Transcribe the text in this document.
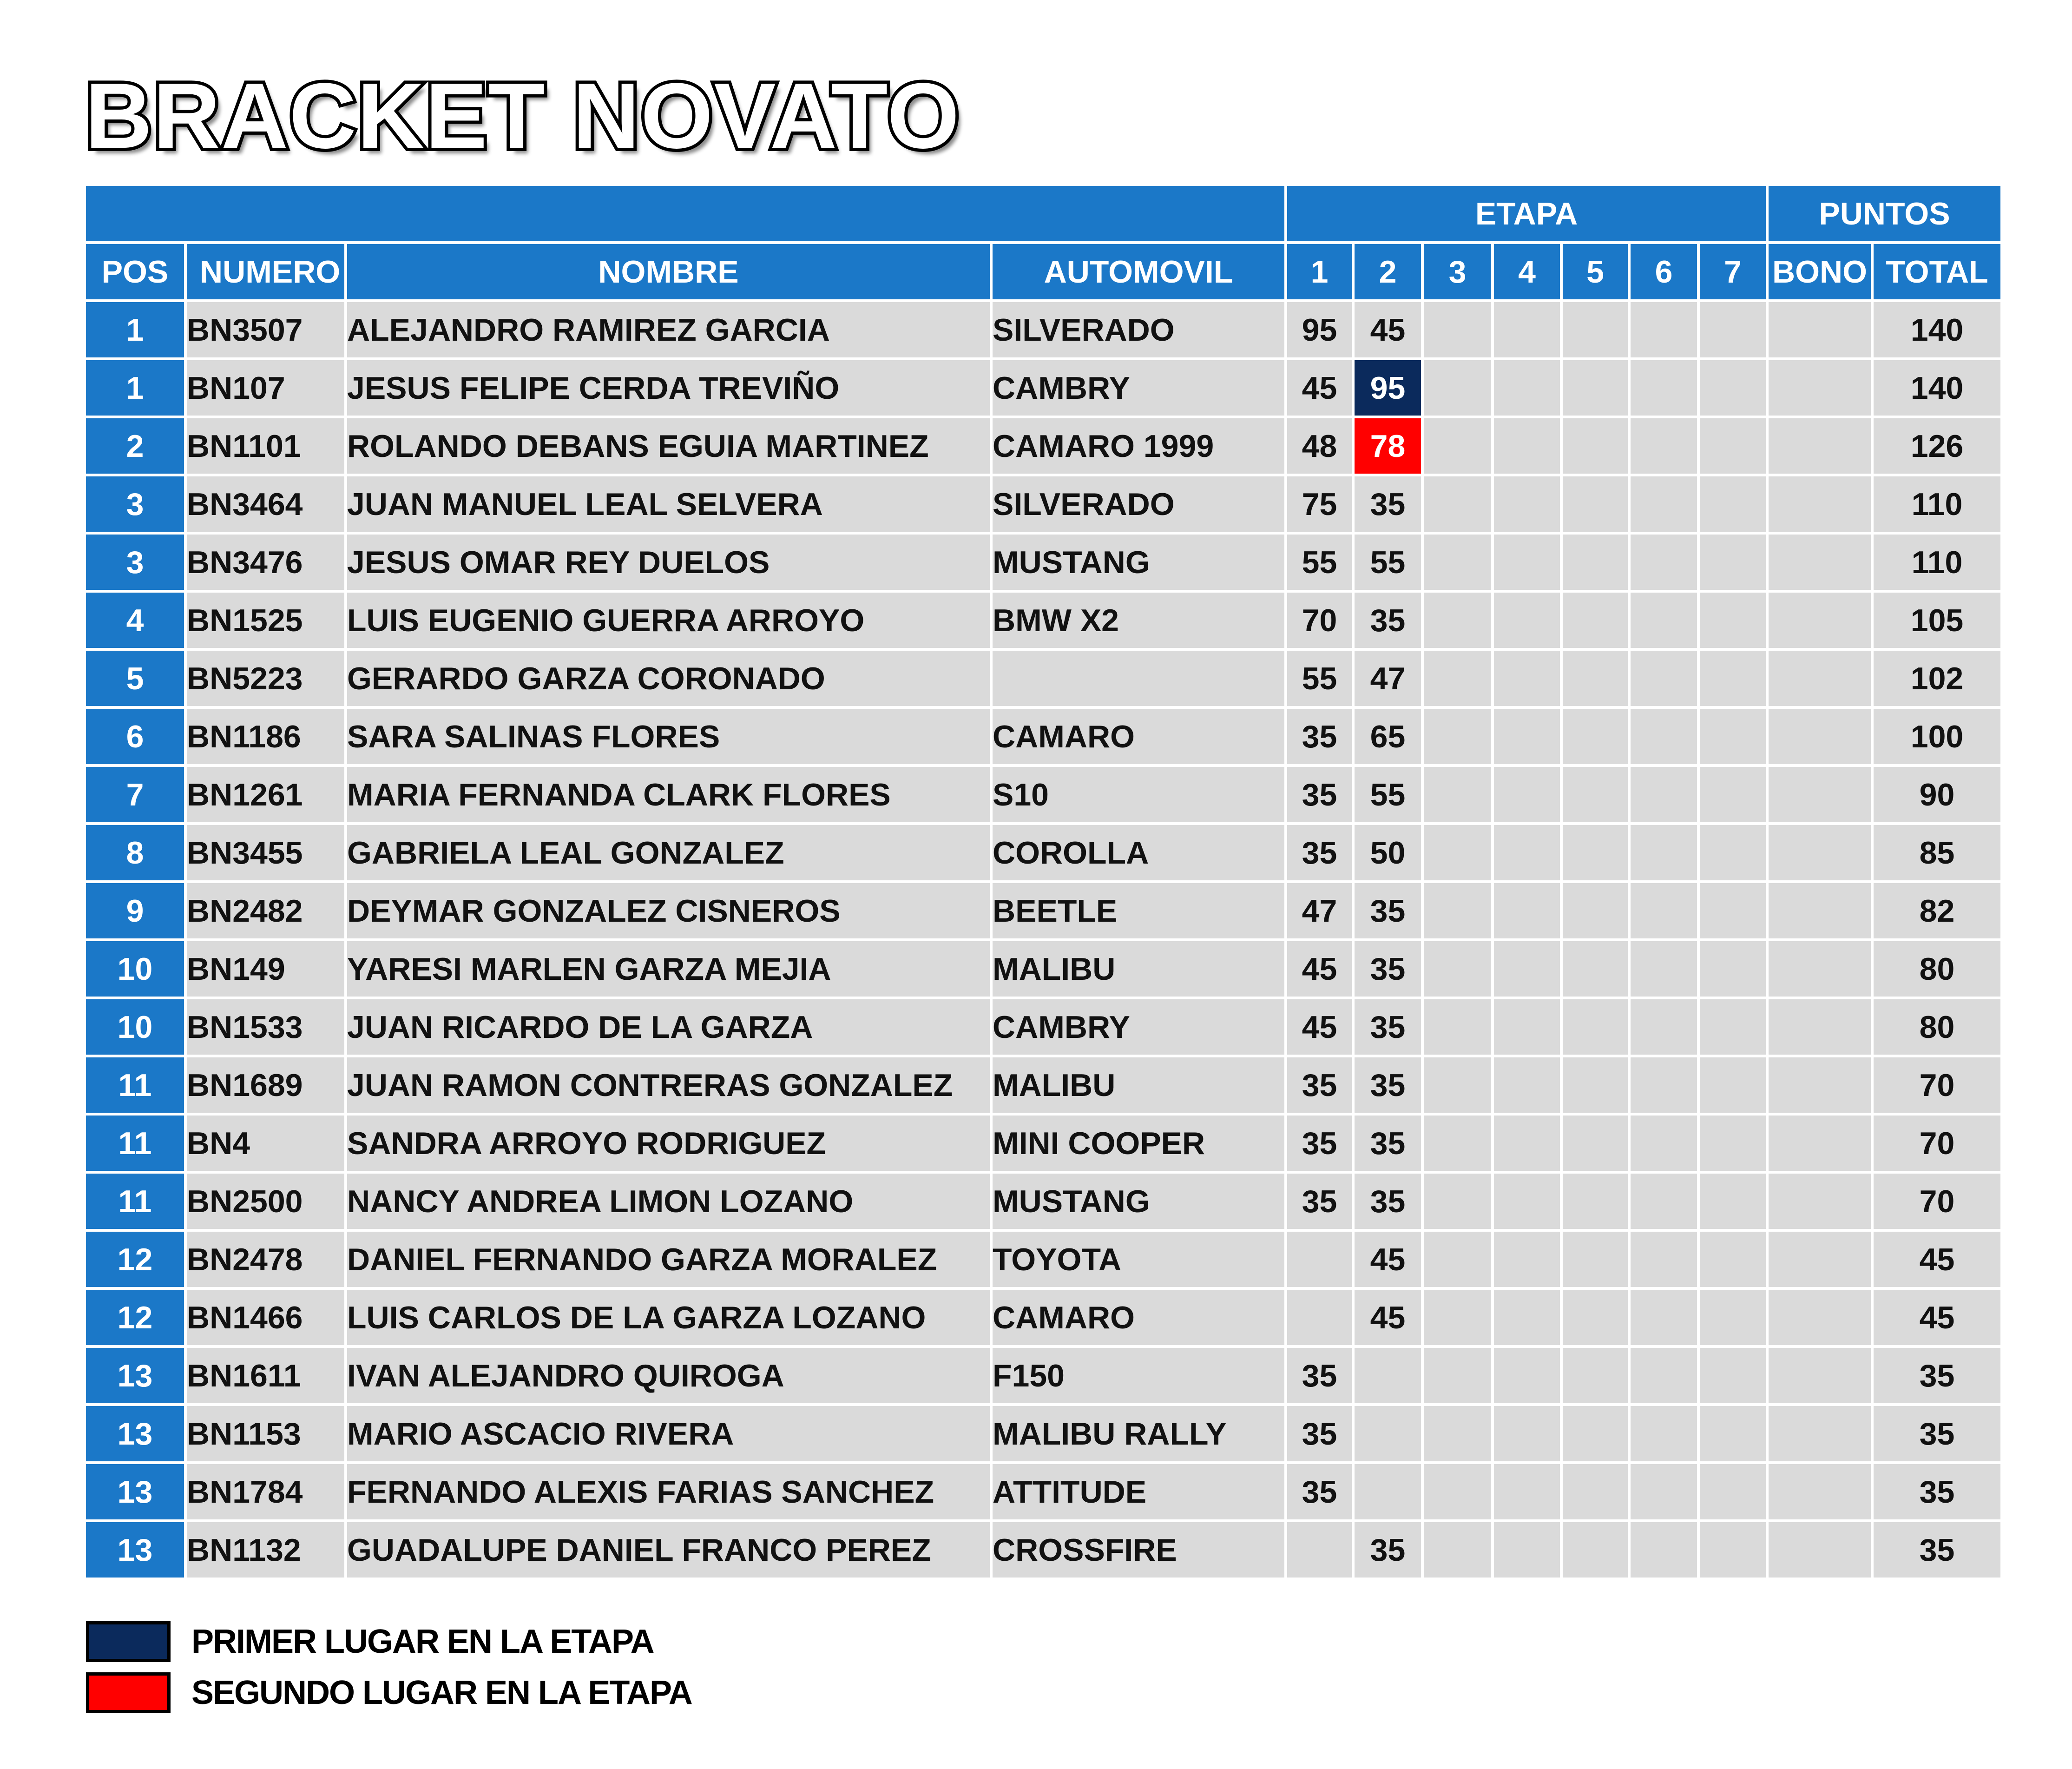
BRACKET NOVATO
				ETAPA							PUNTOS	
POS	NUMERO	NOMBRE	AUTOMOVIL	1	2	3	4	5	6	7	BONO	TOTAL
1	BN3507	ALEJANDRO RAMIREZ GARCIA	SILVERADO	95	45							140
1	BN107	JESUS FELIPE CERDA TREVIÑO	CAMBRY	45	95							140
2	BN1101	ROLANDO DEBANS EGUIA MARTINEZ	CAMARO 1999	48	78							126
3	BN3464	JUAN MANUEL LEAL SELVERA	SILVERADO	75	35							110
3	BN3476	JESUS OMAR REY DUELOS	MUSTANG	55	55							110
4	BN1525	LUIS EUGENIO GUERRA ARROYO	BMW X2	70	35							105
5	BN5223	GERARDO GARZA CORONADO		55	47							102
6	BN1186	SARA SALINAS FLORES	CAMARO	35	65							100
7	BN1261	MARIA FERNANDA CLARK FLORES	S10	35	55							90
8	BN3455	GABRIELA LEAL GONZALEZ	COROLLA	35	50							85
9	BN2482	DEYMAR GONZALEZ CISNEROS	BEETLE	47	35							82
10	BN149	YARESI MARLEN GARZA MEJIA	MALIBU	45	35							80
10	BN1533	JUAN RICARDO DE LA GARZA	CAMBRY	45	35							80
11	BN1689	JUAN RAMON CONTRERAS GONZALEZ	MALIBU	35	35							70
11	BN4	SANDRA ARROYO RODRIGUEZ	MINI COOPER	35	35							70
11	BN2500	NANCY ANDREA LIMON LOZANO	MUSTANG	35	35							70
12	BN2478	DANIEL FERNANDO GARZA MORALEZ	TOYOTA		45							45
12	BN1466	LUIS CARLOS DE LA GARZA LOZANO	CAMARO		45							45
13	BN1611	IVAN ALEJANDRO QUIROGA	F150	35								35
13	BN1153	MARIO ASCACIO RIVERA	MALIBU RALLY	35								35
13	BN1784	FERNANDO ALEXIS FARIAS SANCHEZ	ATTITUDE	35								35
13	BN1132	GUADALUPE DANIEL FRANCO PEREZ	CROSSFIRE		35							35
PRIMER LUGAR EN LA ETAPA
SEGUNDO LUGAR EN LA ETAPA
